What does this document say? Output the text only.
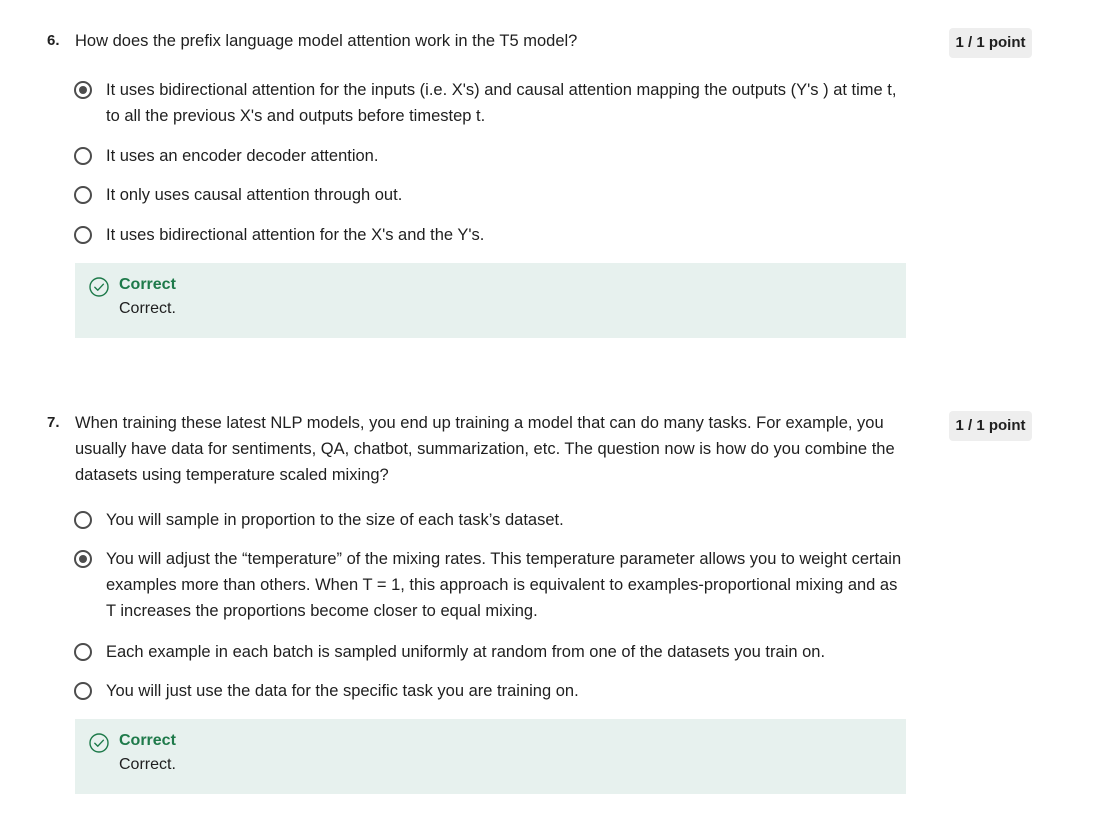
6. How does the prefix language model attention work in the T5 model?	1 / 1 point
It uses bidirectional attention for the inputs (i.e. X's) and causal attention mapping the outputs (Y's ) at time t, to all the previous X's and outputs before timestep t.
It uses an encoder decoder attention.
It only uses causal attention through out.
It uses bidirectional attention for the X's and the Y's.
Correct
Correct.
7. When training these latest NLP models, you end up training a model that can do many tasks. For example, you usually have data for sentiments, QA, chatbot, summarization, etc. The question now is how do you combine the datasets using temperature scaled mixing?
1 / 1 point
You will sample in proportion to the size of each task’s dataset.
You will adjust the “temperature” of the mixing rates. This temperature parameter allows you to weight certain examples more than others. When T = 1, this approach is equivalent to examples-proportional mixing and as T increases the proportions become closer to equal mixing.
Each example in each batch is sampled uniformly at random from one of the datasets you train on.
You will just use the data for the specific task you are training on.
Correct
Correct.
